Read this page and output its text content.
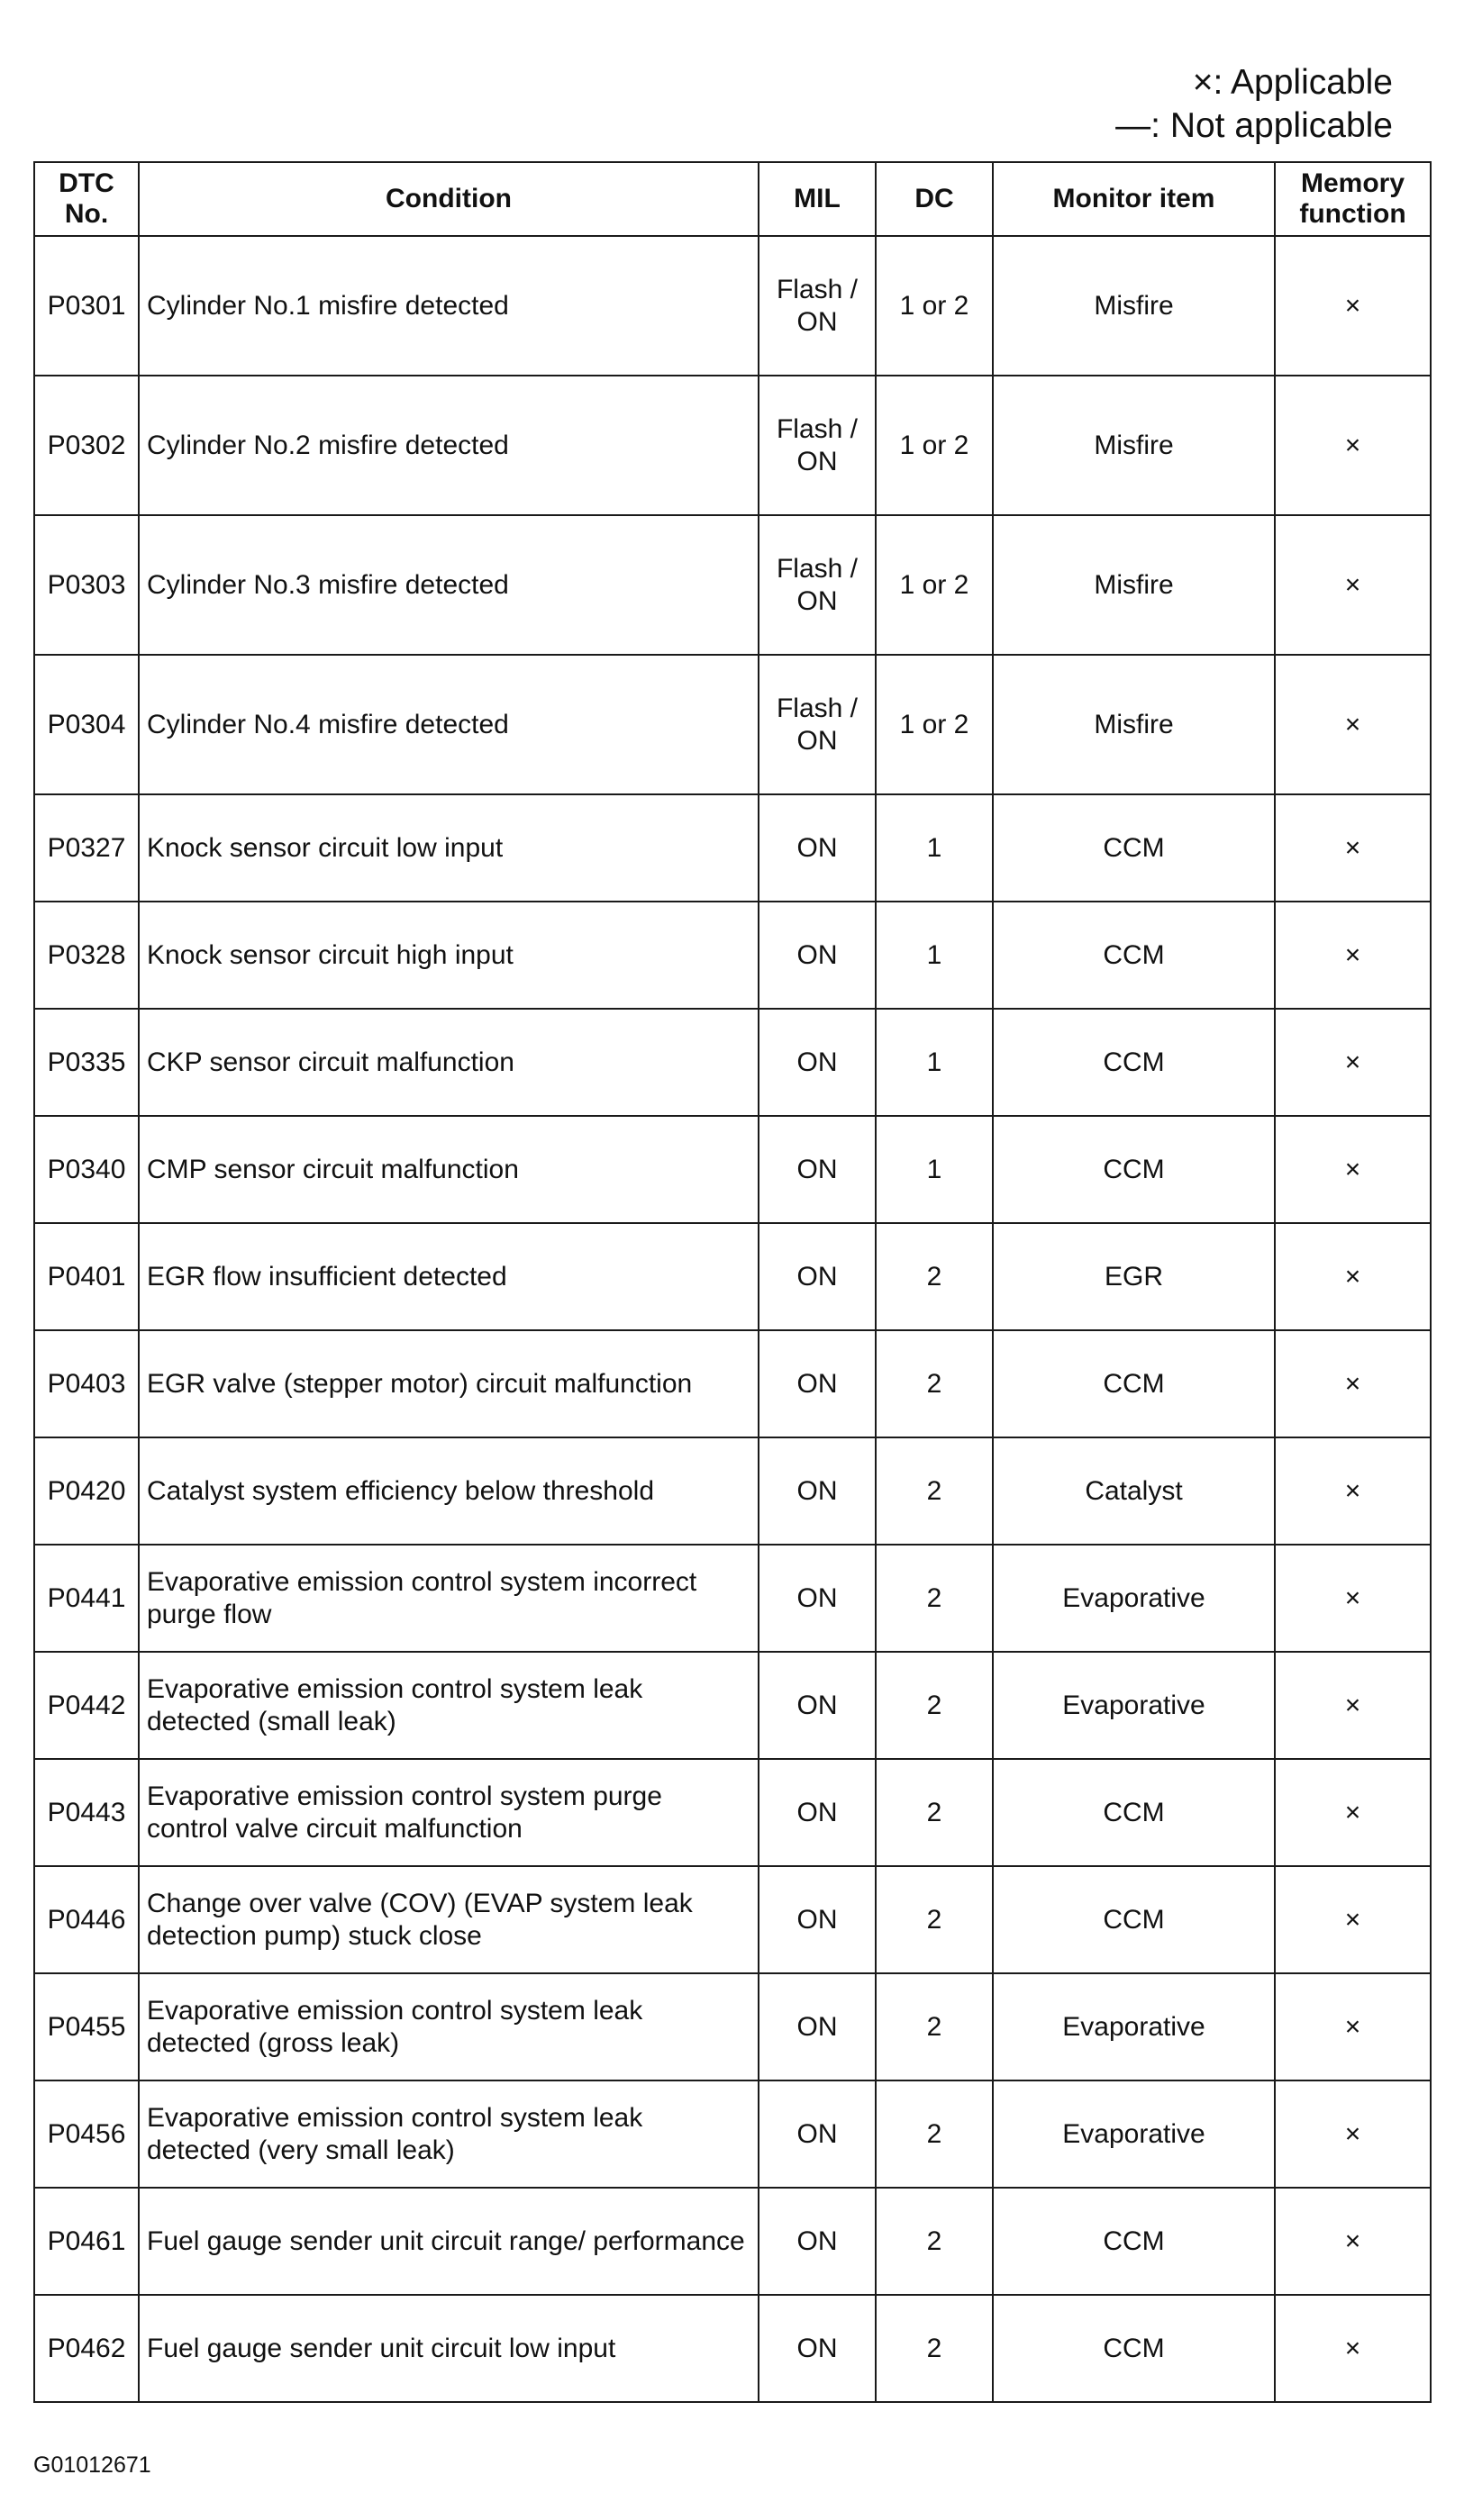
×: Applicable
—: Not applicable
DTC No.	Condition	MIL	DC	Monitor item	Memory function
P0301	Cylinder No.1 misfire detected	Flash / ON	1 or 2	Misfire	×
P0302	Cylinder No.2 misfire detected	Flash / ON	1 or 2	Misfire	×
P0303	Cylinder No.3 misfire detected	Flash / ON	1 or 2	Misfire	×
P0304	Cylinder No.4 misfire detected	Flash / ON	1 or 2	Misfire	×
P0327	Knock sensor circuit low input	ON	1	CCM	×
P0328	Knock sensor circuit high input	ON	1	CCM	×
P0335	CKP sensor circuit malfunction	ON	1	CCM	×
P0340	CMP sensor circuit malfunction	ON	1	CCM	×
P0401	EGR flow insufficient detected	ON	2	EGR	×
P0403	EGR valve (stepper motor) circuit malfunction	ON	2	CCM	×
P0420	Catalyst system efficiency below threshold	ON	2	Catalyst	×
P0441	Evaporative emission control system incorrect purge flow	ON	2	Evaporative	×
P0442	Evaporative emission control system leak detected (small leak)	ON	2	Evaporative	×
P0443	Evaporative emission control system purge control valve circuit malfunction	ON	2	CCM	×
P0446	Change over valve (COV) (EVAP system leak detection pump) stuck close	ON	2	CCM	×
P0455	Evaporative emission control system leak detected (gross leak)	ON	2	Evaporative	×
P0456	Evaporative emission control system leak detected (very small leak)	ON	2	Evaporative	×
P0461	Fuel gauge sender unit circuit range/ performance	ON	2	CCM	×
P0462	Fuel gauge sender unit circuit low input	ON	2	CCM	×
G01012671
